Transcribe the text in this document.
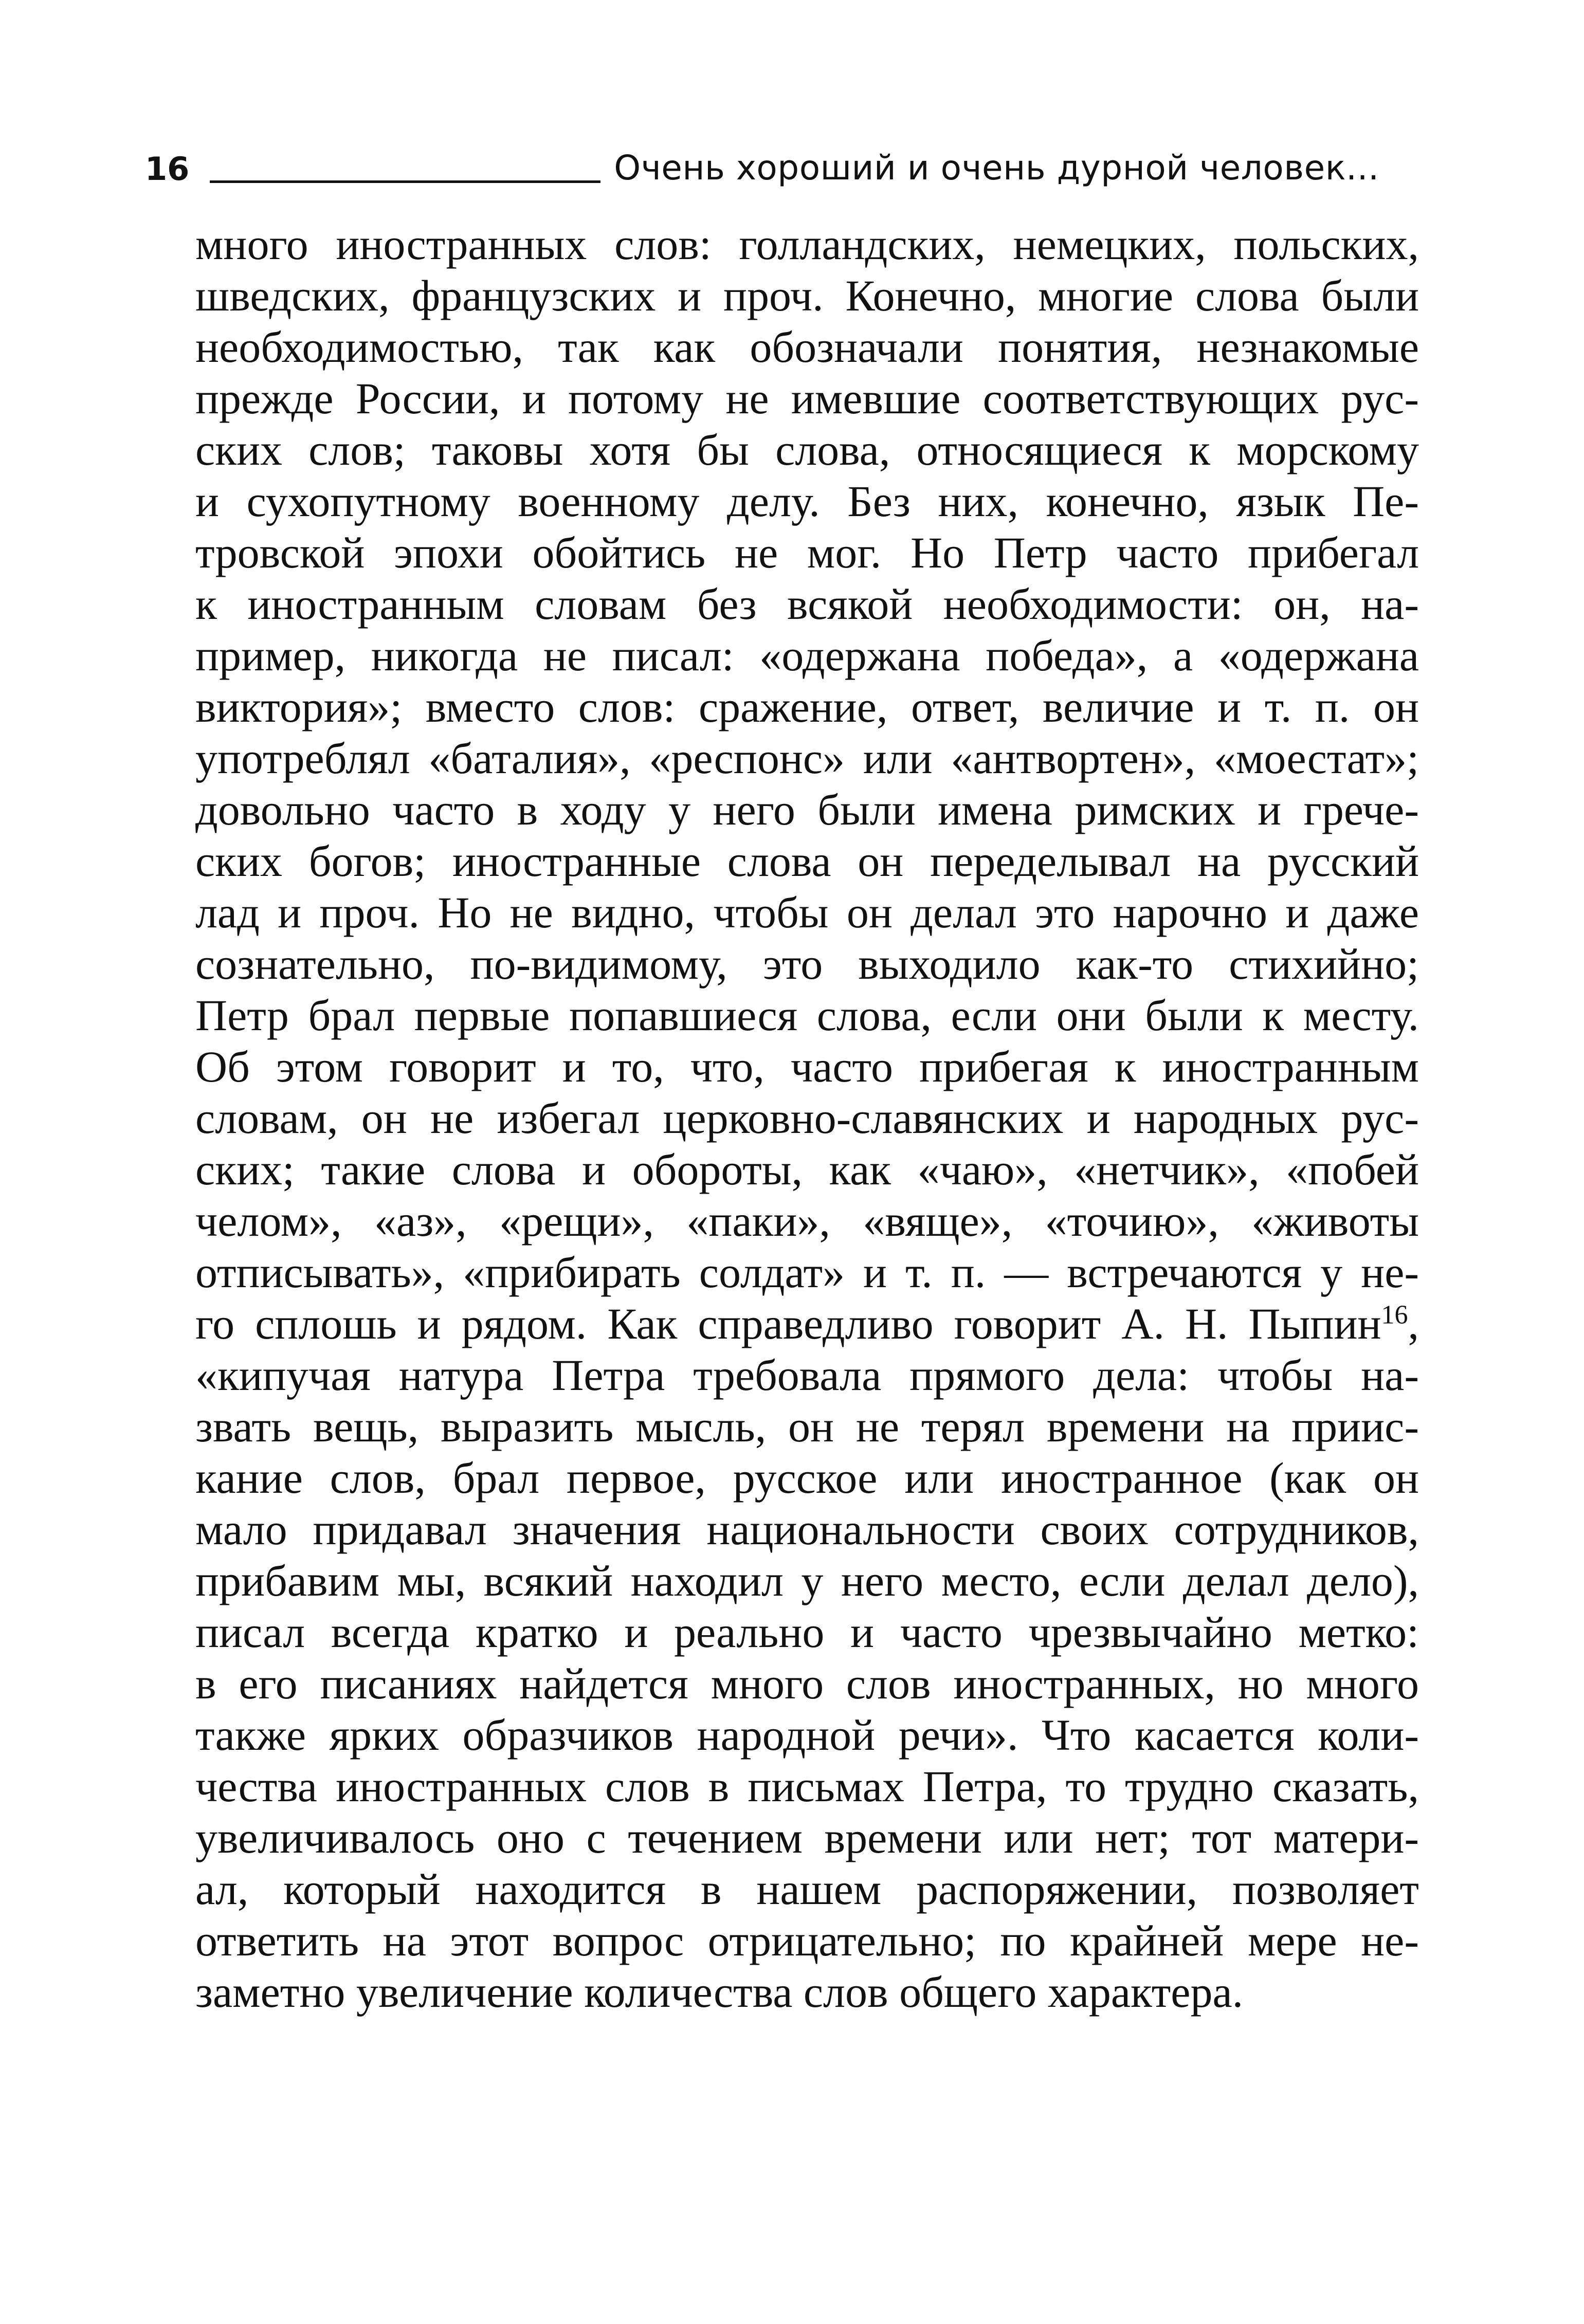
16	Очень хороший и очень дурной человек...
много иностранных слов: голландских, немецких, польских,
шведских, французских и проч. Конечно, многие слова были
необходимостью, так как обозначали понятия, незнакомые
прежде России, и потому не имевшие соответствующих рус-
ских слов; таковы хотя бы слова, относящиеся к морскому
и сухопутному военному делу. Без них, конечно, язык Пе-
тровской эпохи обойтись не мог. Но Петр часто прибегал
к иностранным словам без всякой необходимости: он, на-
пример, никогда не писал: «одержана победа», а «одержана
виктория»; вместо слов: сражение, ответ, величие и т. п. он
употреблял «баталия», «респонс» или «антвортен», «моестат»;
довольно часто в ходу у него были имена римских и грече-
ских богов; иностранные слова он переделывал на русский
лад и проч. Но не видно, чтобы он делал это нарочно и даже
сознательно, по-видимому, это выходило как-то стихийно;
Петр брал первые попавшиеся слова, если они были к месту.
Об этом говорит и то, что, часто прибегая к иностранным
словам, он не избегал церковно-славянских и народных рус-
ских; такие слова и обороты, как «чаю», «нетчик», «побей
челом», «аз», «рещи», «паки», «вяще», «точию», «животы
отписывать», «прибирать солдат» и т. п. — встречаются у не-
го сплошь и рядом. Как справедливо говорит А. Н. Пыпин$^{16}$,
«кипучая натура Петра требовала прямого дела: чтобы на-
звать вещь, выразить мысль, он не терял времени на приис-
кание слов, брал первое, русское или иностранное (как он
мало придавал значения национальности своих сотрудников,
прибавим мы, всякий находил у него место, если делал дело),
писал всегда кратко и реально и часто чрезвычайно метко:
в его писаниях найдется много слов иностранных, но много
также ярких образчиков народной речи». Что касается коли-
чества иностранных слов в письмах Петра, то трудно сказать,
увеличивалось оно с течением времени или нет; тот матери-
ал, который находится в нашем распоряжении, позволяет
ответить на этот вопрос отрицательно; по крайней мере не-
заметно увеличение количества слов общего характера.
